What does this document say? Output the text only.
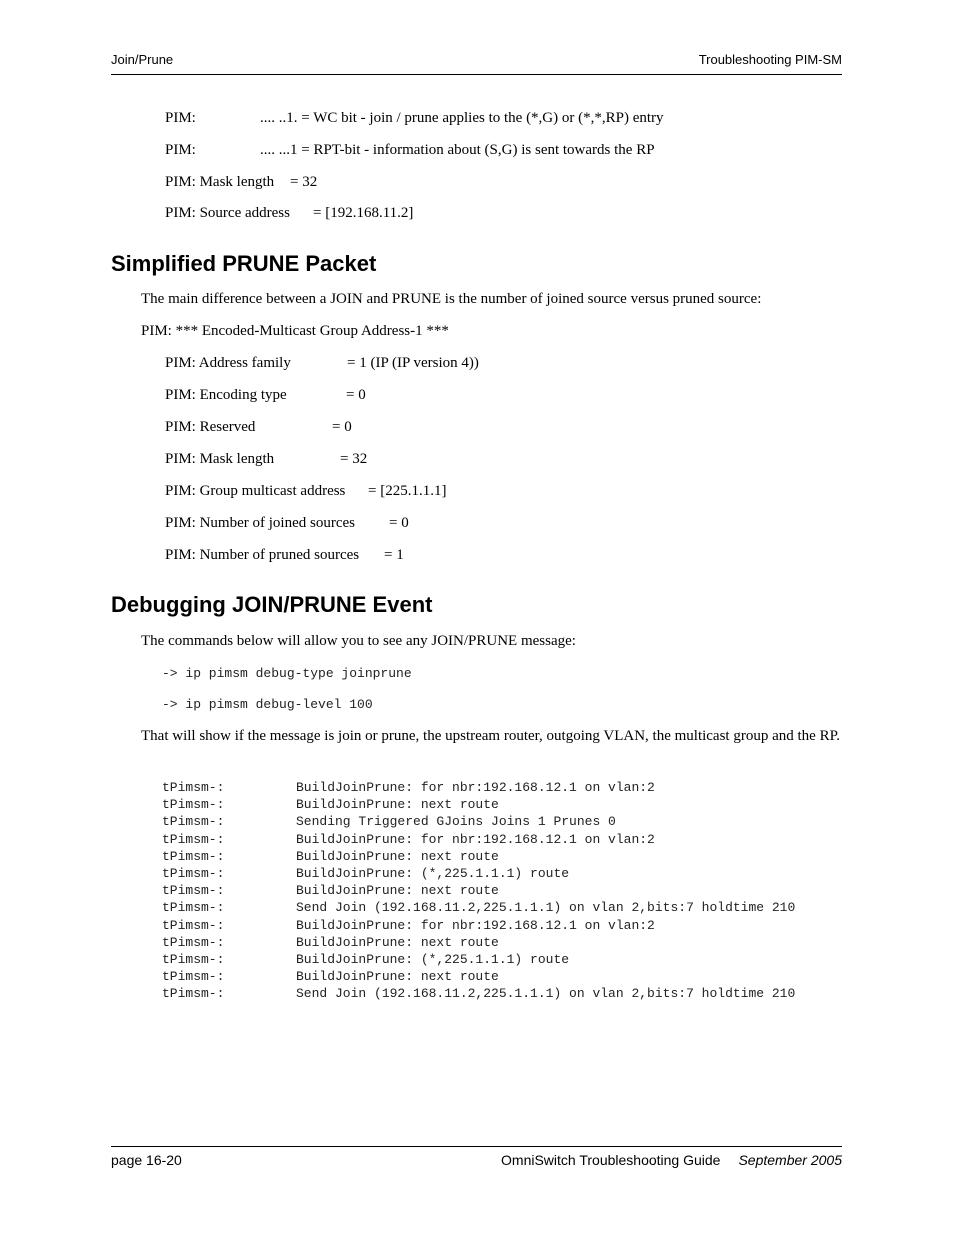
Join/Prune	Troubleshooting PIM-SM
PIM:	.... ..1. = WC bit - join / prune applies to the (*,G) or (*,*,RP) entry
PIM:	.... ...1 = RPT-bit - information about (S,G) is sent towards the RP
PIM: Mask length = 32
PIM: Source address = [192.168.11.2]
Simplified PRUNE Packet

The main difference between a JOIN and PRUNE is the number of joined source versus pruned source:

PIM: *** Encoded-Multicast Group Address-1 ***
PIM: Address family	= 1 (IP (IP version 4))
PIM: Encoding type	= 0
PIM: Reserved	= 0
PIM: Mask length	= 32
PIM: Group multicast address = [225.1.1.1]
PIM: Number of joined sources = 0
PIM: Number of pruned sources = 1
Debugging JOIN/PRUNE Event

The commands below will allow you to see any JOIN/PRUNE message:

-> ip pimsm debug-type joinprune
-> ip pimsm debug-level 100

That will show if the message is join or prune, the upstream router, outgoing VLAN, the multicast group and the RP.

tPimsm-:	BuildJoinPrune: for nbr:192.168.12.1 on vlan:2
tPimsm-:	BuildJoinPrune: next route
tPimsm-:	Sending Triggered GJoins Joins 1 Prunes 0
tPimsm-:	BuildJoinPrune: for nbr:192.168.12.1 on vlan:2
tPimsm-:	BuildJoinPrune: next route
tPimsm-:	BuildJoinPrune: (*,225.1.1.1) route
tPimsm-:	BuildJoinPrune: next route
tPimsm-:	Send Join (192.168.11.2,225.1.1.1) on vlan 2,bits:7 holdtime 210
tPimsm-:	BuildJoinPrune: for nbr:192.168.12.1 on vlan:2
tPimsm-:	BuildJoinPrune: next route
tPimsm-:	BuildJoinPrune: (*,225.1.1.1) route
tPimsm-:	BuildJoinPrune: next route
tPimsm-:	Send Join (192.168.11.2,225.1.1.1) on vlan 2,bits:7 holdtime 210
page 16-20	OmniSwitch Troubleshooting Guide September 2005
